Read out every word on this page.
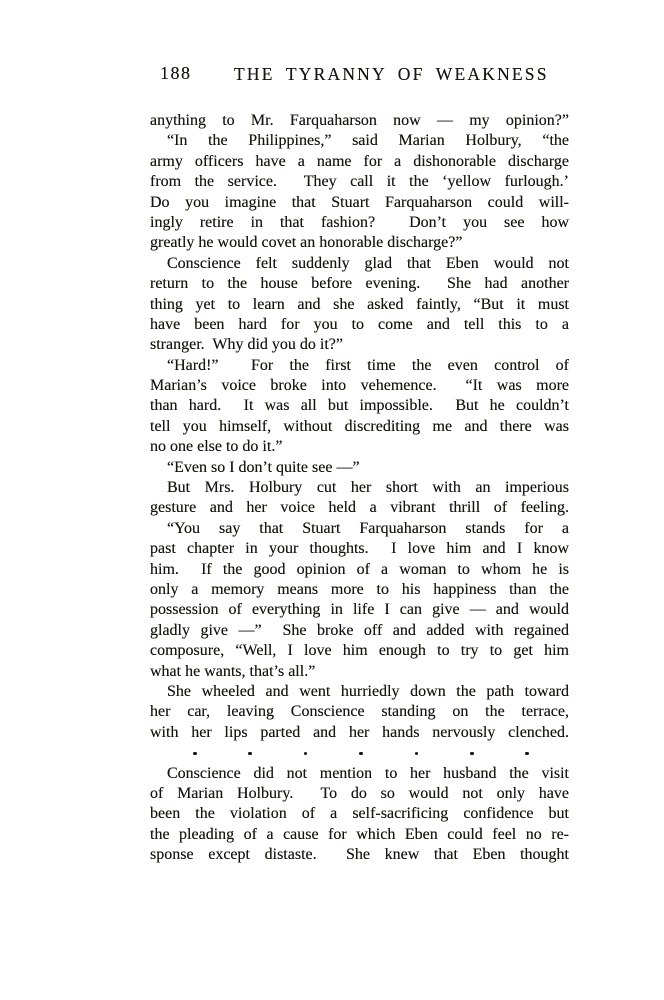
188 THE TYRANNY OF WEAKNESS
anything to Mr. Farquaharson now — my opinion?”
“In the Philippines,” said Marian Holbury, “the
army officers have a name for a dishonorable discharge
from the service.  They call it the ‘yellow furlough.’
Do you imagine that Stuart Farquaharson could will-
ingly retire in that fashion?  Don’t you see how
greatly he would covet an honorable discharge?”
Conscience felt suddenly glad that Eben would not
return to the house before evening.  She had another
thing yet to learn and she asked faintly, “But it must
have been hard for you to come and tell this to a
stranger.  Why did you do it?”
“Hard!”  For the first time the even control of
Marian’s voice broke into vehemence.  “It was more
than hard.  It was all but impossible.  But he couldn’t
tell you himself, without discrediting me and there was
no one else to do it.”
“Even so I don’t quite see —”
But Mrs. Holbury cut her short with an imperious
gesture and her voice held a vibrant thrill of feeling.
“You say that Stuart Farquaharson stands for a
past chapter in your thoughts.  I love him and I know
him.  If the good opinion of a woman to whom he is
only a memory means more to his happiness than the
possession of everything in life I can give — and would
gladly give —”  She broke off and added with regained
composure, “Well, I love him enough to try to get him
what he wants, that’s all.”
She wheeled and went hurriedly down the path toward
her car, leaving Conscience standing on the terrace,
with her lips parted and her hands nervously clenched.
Conscience did not mention to her husband the visit
of Marian Holbury.  To do so would not only have
been the violation of a self-sacrificing confidence but
the pleading of a cause for which Eben could feel no re-
sponse except distaste.  She knew that Eben thought
